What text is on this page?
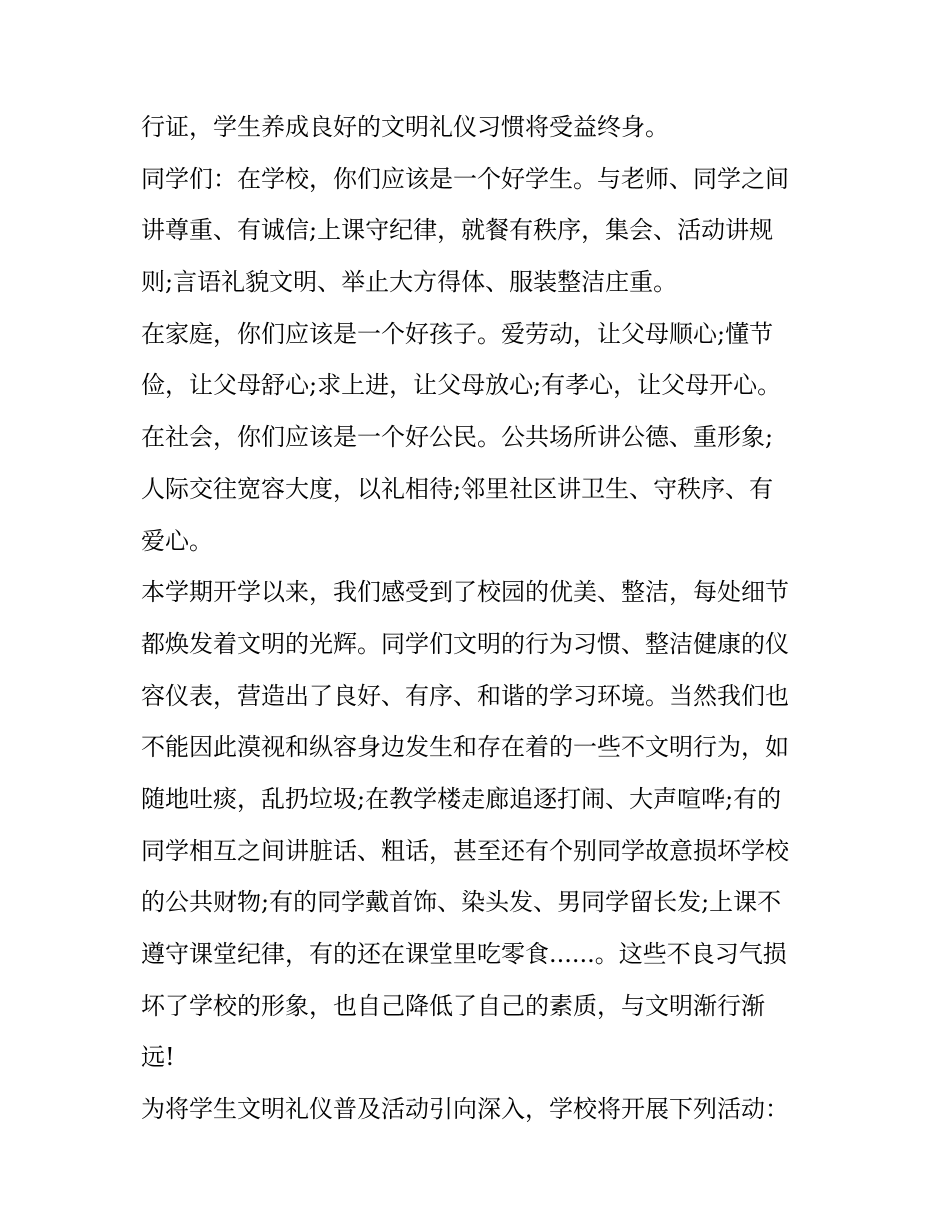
行证，学生养成良好的文明礼仪习惯将受益终身。
同学们：在学校，你们应该是一个好学生。与老师、同学之间
讲尊重、有诚信;上课守纪律，就餐有秩序，集会、活动讲规
则;言语礼貌文明、举止大方得体、服装整洁庄重。
在家庭，你们应该是一个好孩子。爱劳动，让父母顺心;懂节
俭，让父母舒心;求上进，让父母放心;有孝心，让父母开心。
在社会，你们应该是一个好公民。公共场所讲公德、重形象;
人际交往宽容大度，以礼相待;邻里社区讲卫生、守秩序、有
爱心。
本学期开学以来，我们感受到了校园的优美、整洁，每处细节
都焕发着文明的光辉。同学们文明的行为习惯、整洁健康的仪
容仪表，营造出了良好、有序、和谐的学习环境。当然我们也
不能因此漠视和纵容身边发生和存在着的一些不文明行为，如
随地吐痰，乱扔垃圾;在教学楼走廊追逐打闹、大声喧哗;有的
同学相互之间讲脏话、粗话，甚至还有个别同学故意损坏学校
的公共财物;有的同学戴首饰、染头发、男同学留长发;上课不
遵守课堂纪律，有的还在课堂里吃零食......。这些不良习气损
坏了学校的形象，也自己降低了自己的素质，与文明渐行渐
远!
为将学生文明礼仪普及活动引向深入，学校将开展下列活动：
